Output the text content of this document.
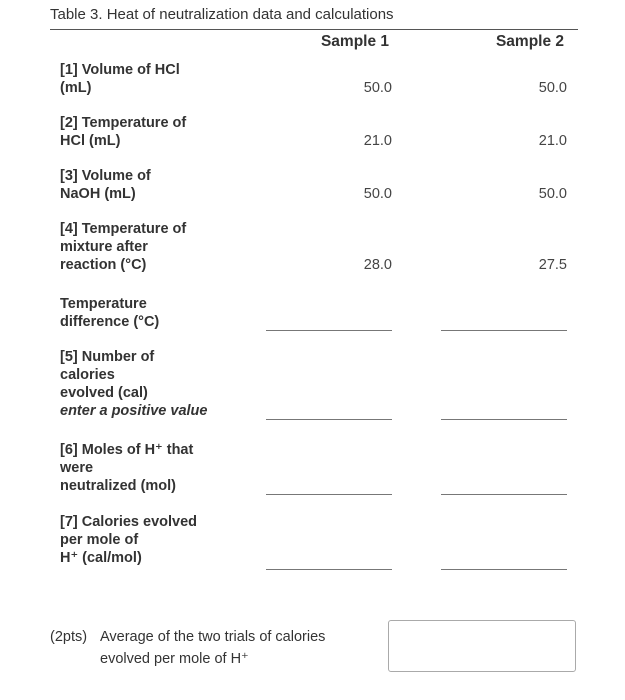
Table 3. Heat of neutralization data and calculations
Sample 1	Sample 2
[1] Volume of HCl
(mL)	50.0	50.0
[2] Temperature of
HCl (mL)	21.0	21.0
[3] Volume of
NaOH (mL)	50.0	50.0
[4] Temperature of
mixture after
reaction (°C)	28.0	27.5
Temperature
difference (°C)
[5] Number of
calories
evolved (cal)
enter a positive value
[6] Moles of H⁺ that
were
neutralized (mol)
[7] Calories evolved
per mole of
H⁺ (cal/mol)
(2pts) Average of the two trials of calories
evolved per mole of H⁺
